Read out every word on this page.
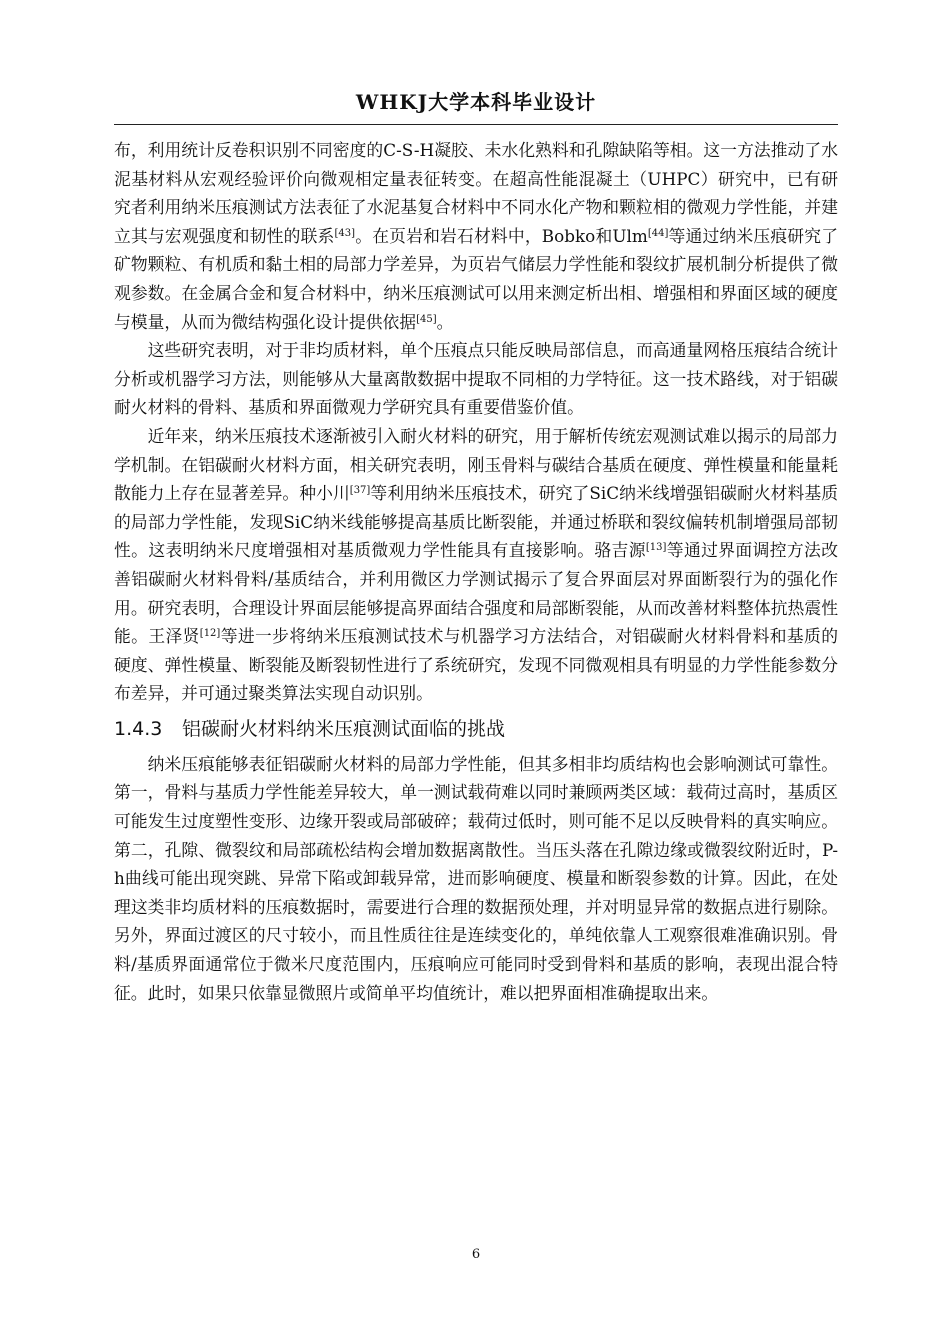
WHKJ大学本科毕业设计

布，利用统计反卷积识别不同密度的C-S-H凝胶、未水化熟料和孔隙缺陷等相。这一方法推动了水泥基材料从宏观经验评价向微观相定量表征转变。在超高性能混凝土（UHPC）研究中，已有研究者利用纳米压痕测试方法表征了水泥基复合材料中不同水化产物和颗粒相的微观力学性能，并建立其与宏观强度和韧性的联系[43]。在页岩和岩石材料中，Bobko和Ulm[44]等通过纳米压痕研究了矿物颗粒、有机质和黏土相的局部力学差异，为页岩气储层力学性能和裂纹扩展机制分析提供了微观参数。在金属合金和复合材料中，纳米压痕测试可以用来测定析出相、增强相和界面区域的硬度与模量，从而为微结构强化设计提供依据[45]。

这些研究表明，对于非均质材料，单个压痕点只能反映局部信息，而高通量网格压痕结合统计分析或机器学习方法，则能够从大量离散数据中提取不同相的力学特征。这一技术路线，对于铝碳耐火材料的骨料、基质和界面微观力学研究具有重要借鉴价值。

近年来，纳米压痕技术逐渐被引入耐火材料的研究，用于解析传统宏观测试难以揭示的局部力学机制。在铝碳耐火材料方面，相关研究表明，刚玉骨料与碳结合基质在硬度、弹性模量和能量耗散能力上存在显著差异。种小川[37]等利用纳米压痕技术，研究了SiC纳米线增强铝碳耐火材料基质的局部力学性能，发现SiC纳米线能够提高基质比断裂能，并通过桥联和裂纹偏转机制增强局部韧性。这表明纳米尺度增强相对基质微观力学性能具有直接影响。骆吉源[13]等通过界面调控方法改善铝碳耐火材料骨料/基质结合，并利用微区力学测试揭示了复合界面层对界面断裂行为的强化作用。研究表明，合理设计界面层能够提高界面结合强度和局部断裂能，从而改善材料整体抗热震性能。王泽贤[12]等进一步将纳米压痕测试技术与机器学习方法结合，对铝碳耐火材料骨料和基质的硬度、弹性模量、断裂能及断裂韧性进行了系统研究，发现不同微观相具有明显的力学性能参数分布差异，并可通过聚类算法实现自动识别。

1.4.3	铝碳耐火材料纳米压痕测试面临的挑战

纳米压痕能够表征铝碳耐火材料的局部力学性能，但其多相非均质结构也会影响测试可靠性。第一，骨料与基质力学性能差异较大，单一测试载荷难以同时兼顾两类区域：载荷过高时，基质区可能发生过度塑性变形、边缘开裂或局部破碎；载荷过低时，则可能不足以反映骨料的真实响应。第二，孔隙、微裂纹和局部疏松结构会增加数据离散性。当压头落在孔隙边缘或微裂纹附近时，P-h曲线可能出现突跳、异常下陷或卸载异常，进而影响硬度、模量和断裂参数的计算。因此，在处理这类非均质材料的压痕数据时，需要进行合理的数据预处理，并对明显异常的数据点进行剔除。另外，界面过渡区的尺寸较小，而且性质往往是连续变化的，单纯依靠人工观察很难准确识别。骨料/基质界面通常位于微米尺度范围内，压痕响应可能同时受到骨料和基质的影响，表现出混合特征。此时，如果只依靠显微照片或简单平均值统计，难以把界面相准确提取出来。

6
